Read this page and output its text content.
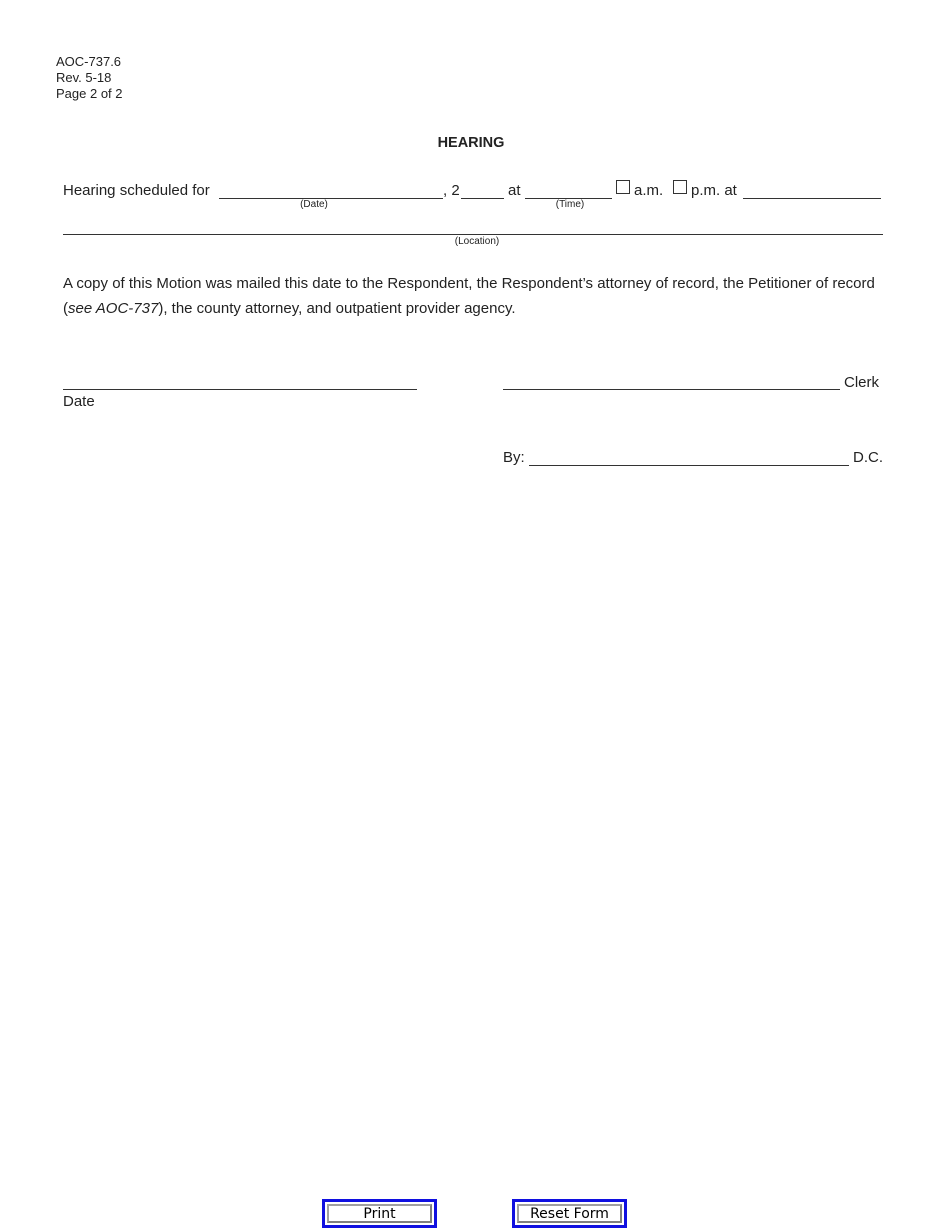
AOC-737.6
Rev. 5-18
Page 2 of 2
HEARING
Hearing scheduled for
(Date)
, 2	at
(Time)
a.m. p.m. at
(Location)
A copy of this Motion was mailed this date to the Respondent, the Respondent’s attorney of record, the Petitioner of record (see AOC-737), the county attorney, and outpatient provider agency.
Date
Clerk
By:	D.C.
Print	Reset Form
